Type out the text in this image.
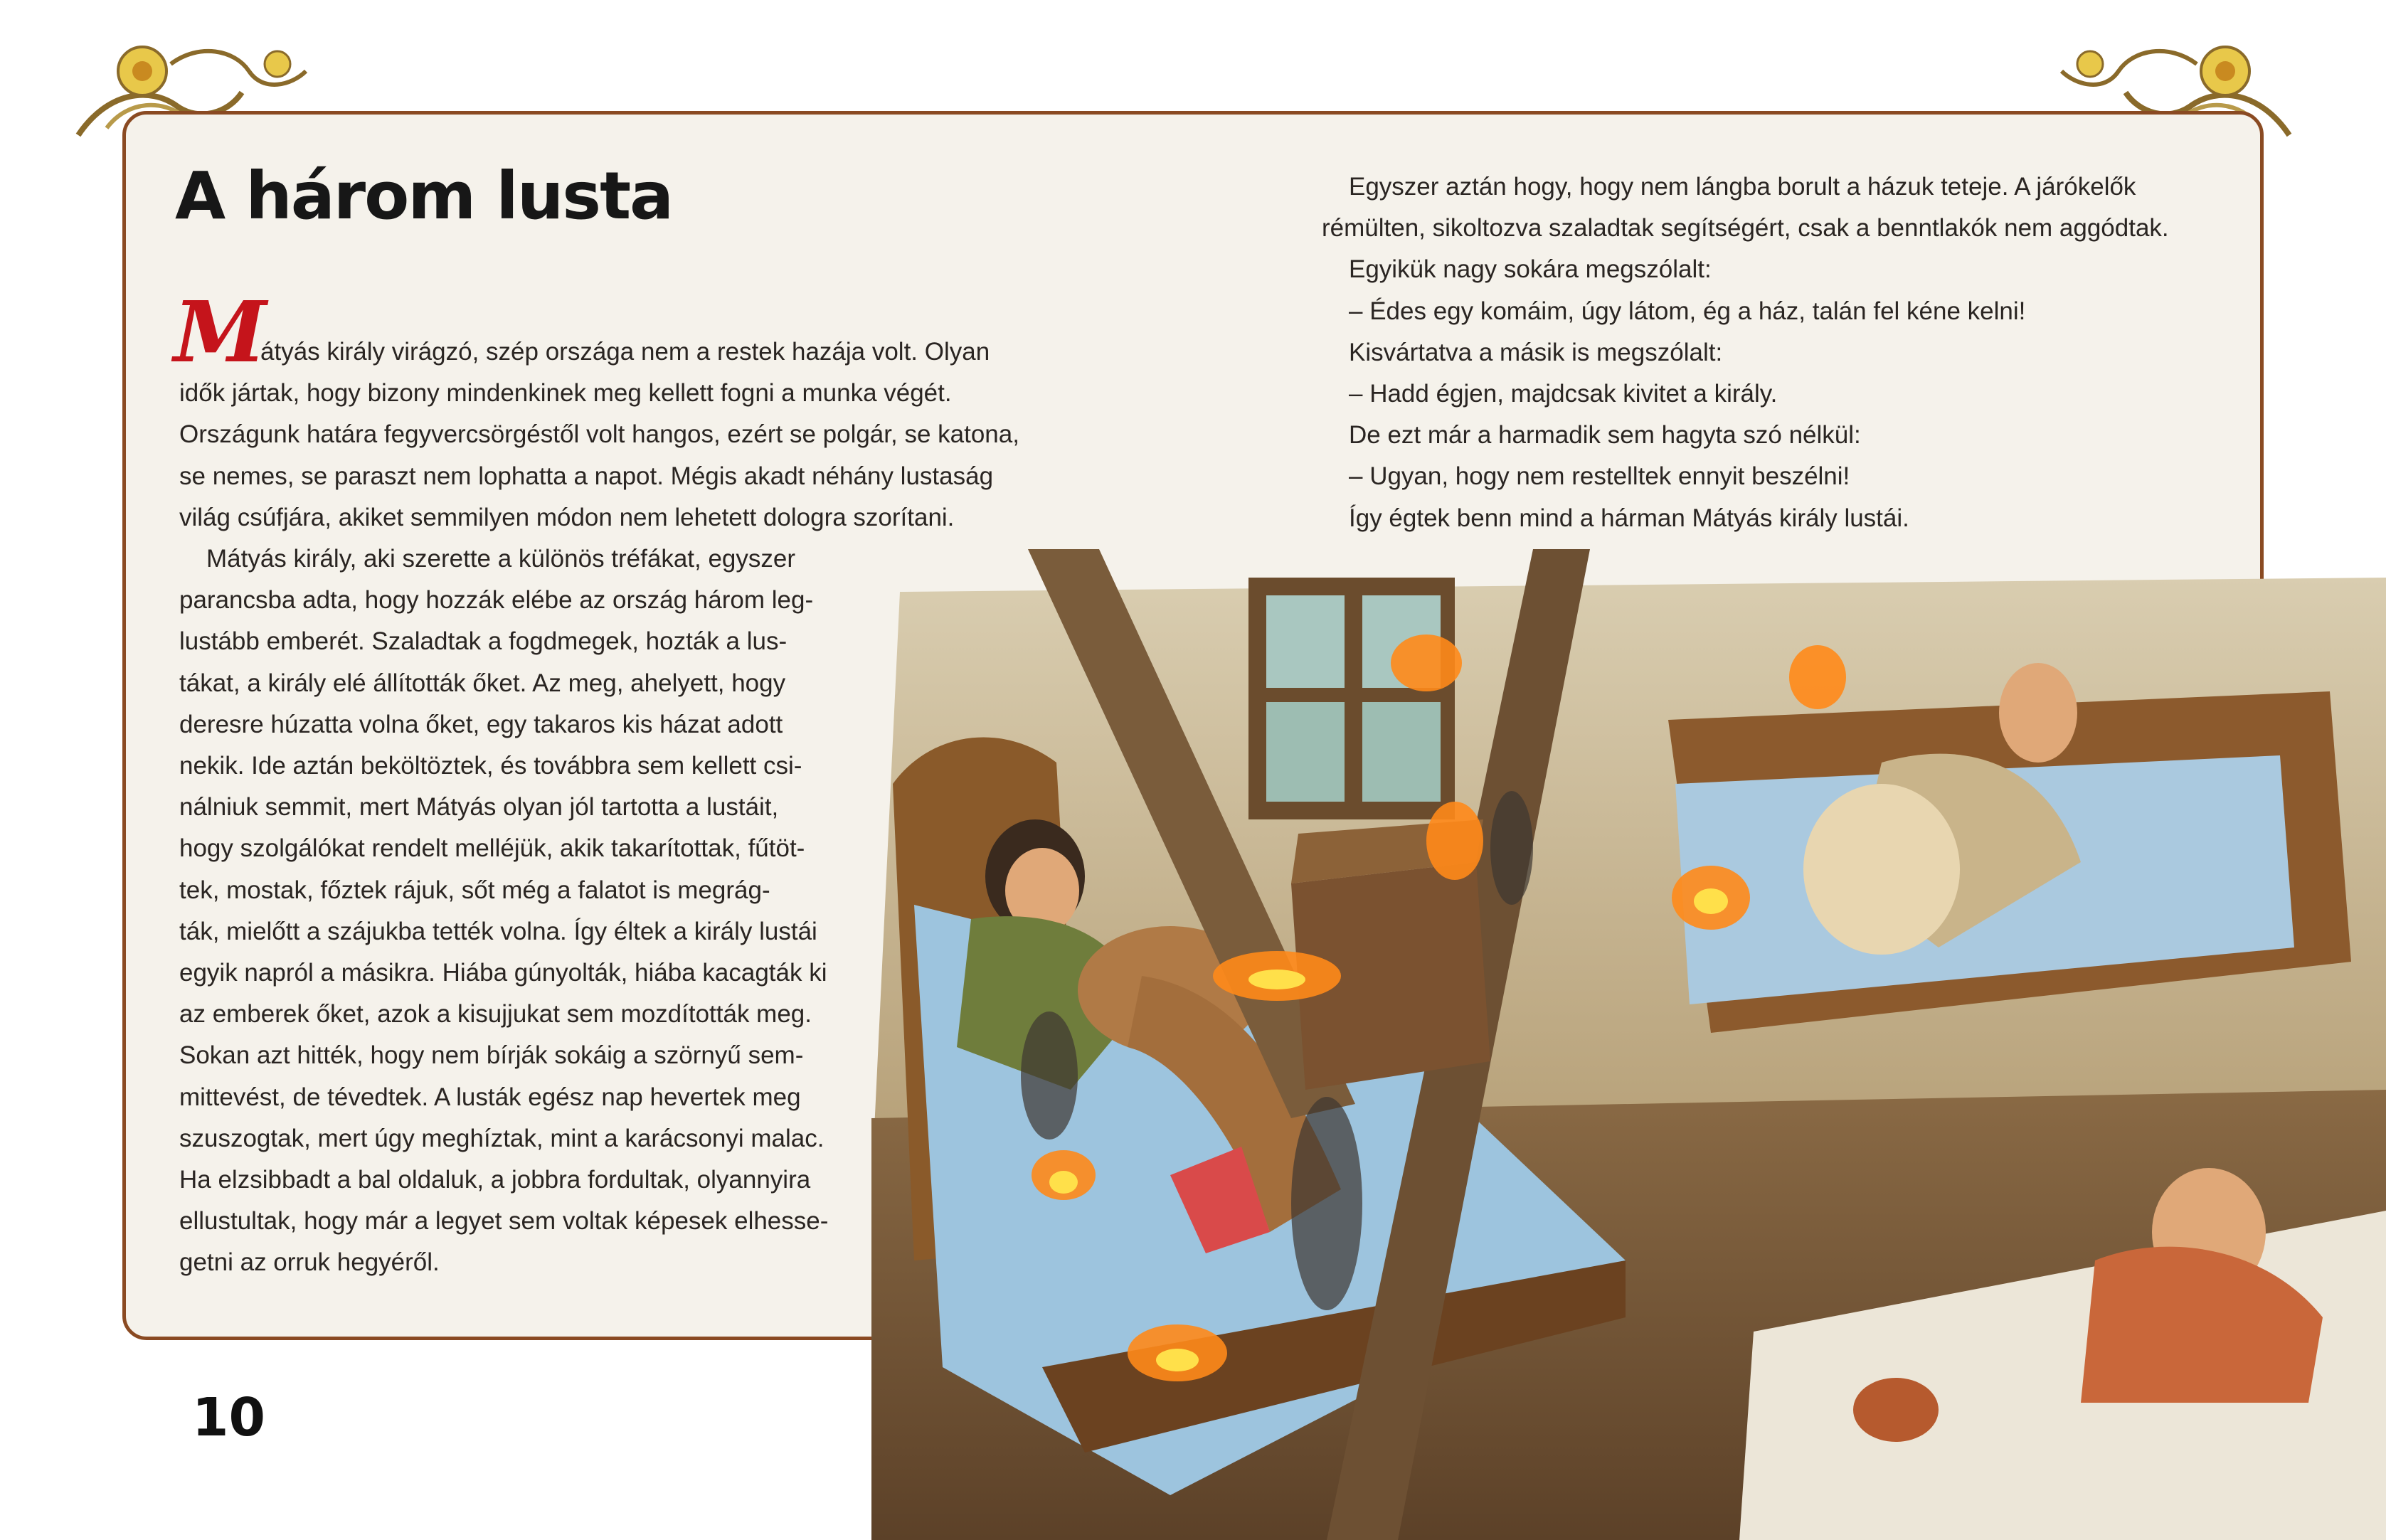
A három lusta
M

átyás király virágzó, szép országa nem a restek hazája volt. Olyan

idők jártak, hogy bizony mindenkinek meg kellett fogni a munka végét.

Országunk határa fegyvercsörgéstől volt hangos, ezért se polgár, se katona,

se nemes, se paraszt nem lophatta a napot. Mégis akadt néhány lustaság

világ csúfjára, akiket semmilyen módon nem lehetett dologra szorítani.

Mátyás király, aki szerette a különös tréfákat, egyszer

parancsba adta, hogy hozzák elébe az ország három leg-

lustább emberét. Szaladtak a fogdmegek, hozták a lus-

tákat, a király elé állították őket. Az meg, ahelyett, hogy

deresre húzatta volna őket, egy takaros kis házat adott

nekik. Ide aztán beköltöztek, és továbbra sem kellett csi-

nálniuk semmit, mert Mátyás olyan jól tartotta a lustáit,

hogy szolgálókat rendelt melléjük, akik takarítottak, fűtöt-

tek, mostak, főztek rájuk, sőt még a falatot is megrág-

ták, mielőtt a szájukba tették volna. Így éltek a király lustái

egyik napról a másikra. Hiába gúnyolták, hiába kacagták ki

az emberek őket, azok a kisujjukat sem mozdították meg.

Sokan azt hitték, hogy nem bírják sokáig a szörnyű sem-

mittevést, de tévedtek. A lusták egész nap hevertek meg

szuszogtak, mert úgy meghíztak, mint a karácsonyi malac.

Ha elzsibbadt a bal oldaluk, a jobbra fordultak, olyannyira

ellustultak, hogy már a legyet sem voltak képesek elhesse-

getni az orruk hegyéről.

Egyszer aztán hogy, hogy nem lángba borult a házuk teteje. A járókelők

rémülten, sikoltozva szaladtak segítségért, csak a benntlakók nem aggódtak.

Egyikük nagy sokára megszólalt:

– Édes egy komáim, úgy látom, ég a ház, talán fel kéne kelni!

Kisvártatva a másik is megszólalt:

– Hadd égjen, majdcsak kivitet a király.

De ezt már a harmadik sem hagyta szó nélkül:

– Ugyan, hogy nem restelltek ennyit beszélni!

Így égtek benn mind a hárman Mátyás király lustái.

10
